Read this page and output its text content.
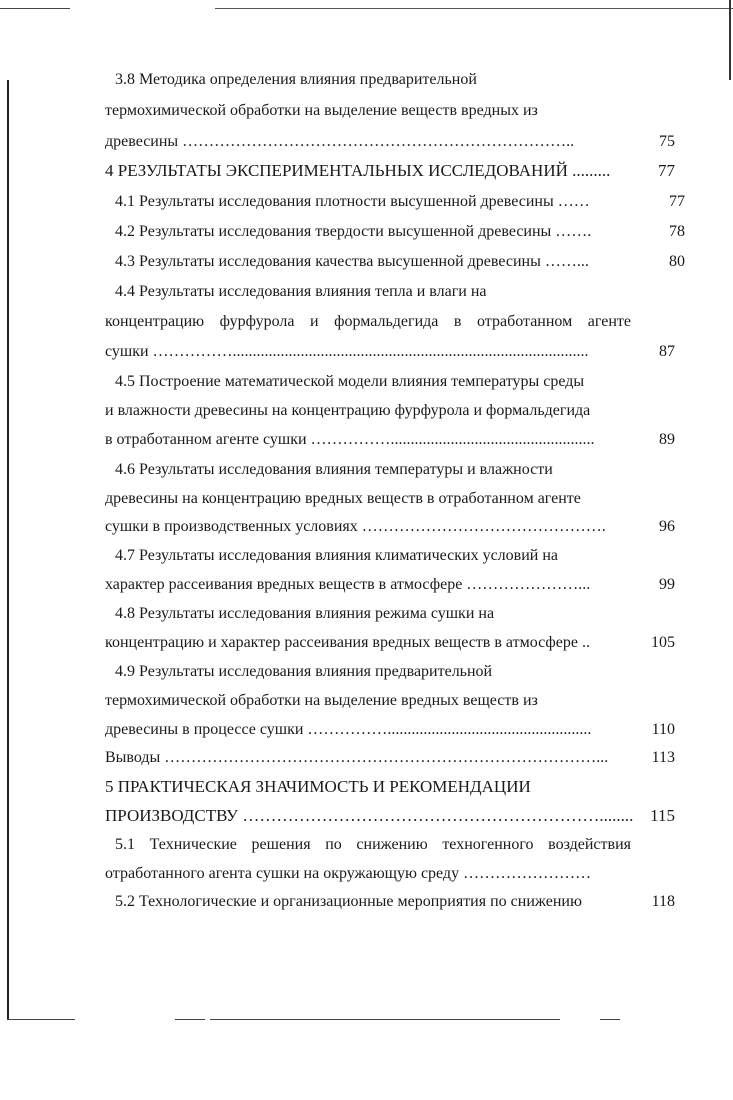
3.8 Методика определения влияния предварительной
термохимической обработки на выделение веществ вредных из
древесины ………………………………………………………………..	75
4 РЕЗУЛЬТАТЫ ЭКСПЕРИМЕНТАЛЬНЫХ ИССЛЕДОВАНИЙ .........	77
4.1 Результаты исследования плотности высушенной древесины ……	77
4.2 Результаты исследования твердости высушенной древесины …….	78
4.3 Результаты исследования качества высушенной древесины ……...	80
4.4 Результаты исследования влияния тепла и влаги на
концентрацию фурфурола и формальдегида в отработанном агенте
сушки …………….........................................................................................	87
4.5 Построение математической модели влияния температуры среды
и влажности древесины на концентрацию фурфурола и формальдегида
в отработанном агенте сушки ……………...................................................	89
4.6 Результаты исследования влияния температуры и влажности
древесины на концентрацию вредных веществ в отработанном агенте
сушки в производственных условиях ……………………………………….	96
4.7 Результаты исследования влияния климатических условий на
характер рассеивания вредных веществ в атмосфере …………………...	99
4.8 Результаты исследования влияния режима сушки на
концентрацию и характер рассеивания вредных веществ в атмосфере ..	105
4.9 Результаты исследования влияния предварительной
термохимической обработки на выделение вредных веществ из
древесины в процессе сушки ……………...................................................	110
Выводы ………………………………………………………………………...	113
5 ПРАКТИЧЕСКАЯ ЗНАЧИМОСТЬ И РЕКОМЕНДАЦИИ
ПРОИЗВОДСТВУ ………………………………………………………........ 115
5.1 Технические решения по снижению техногенного воздействия
отработанного агента сушки на окружающую среду ……………………
5.2 Технологические и организационные мероприятия по снижению	118
